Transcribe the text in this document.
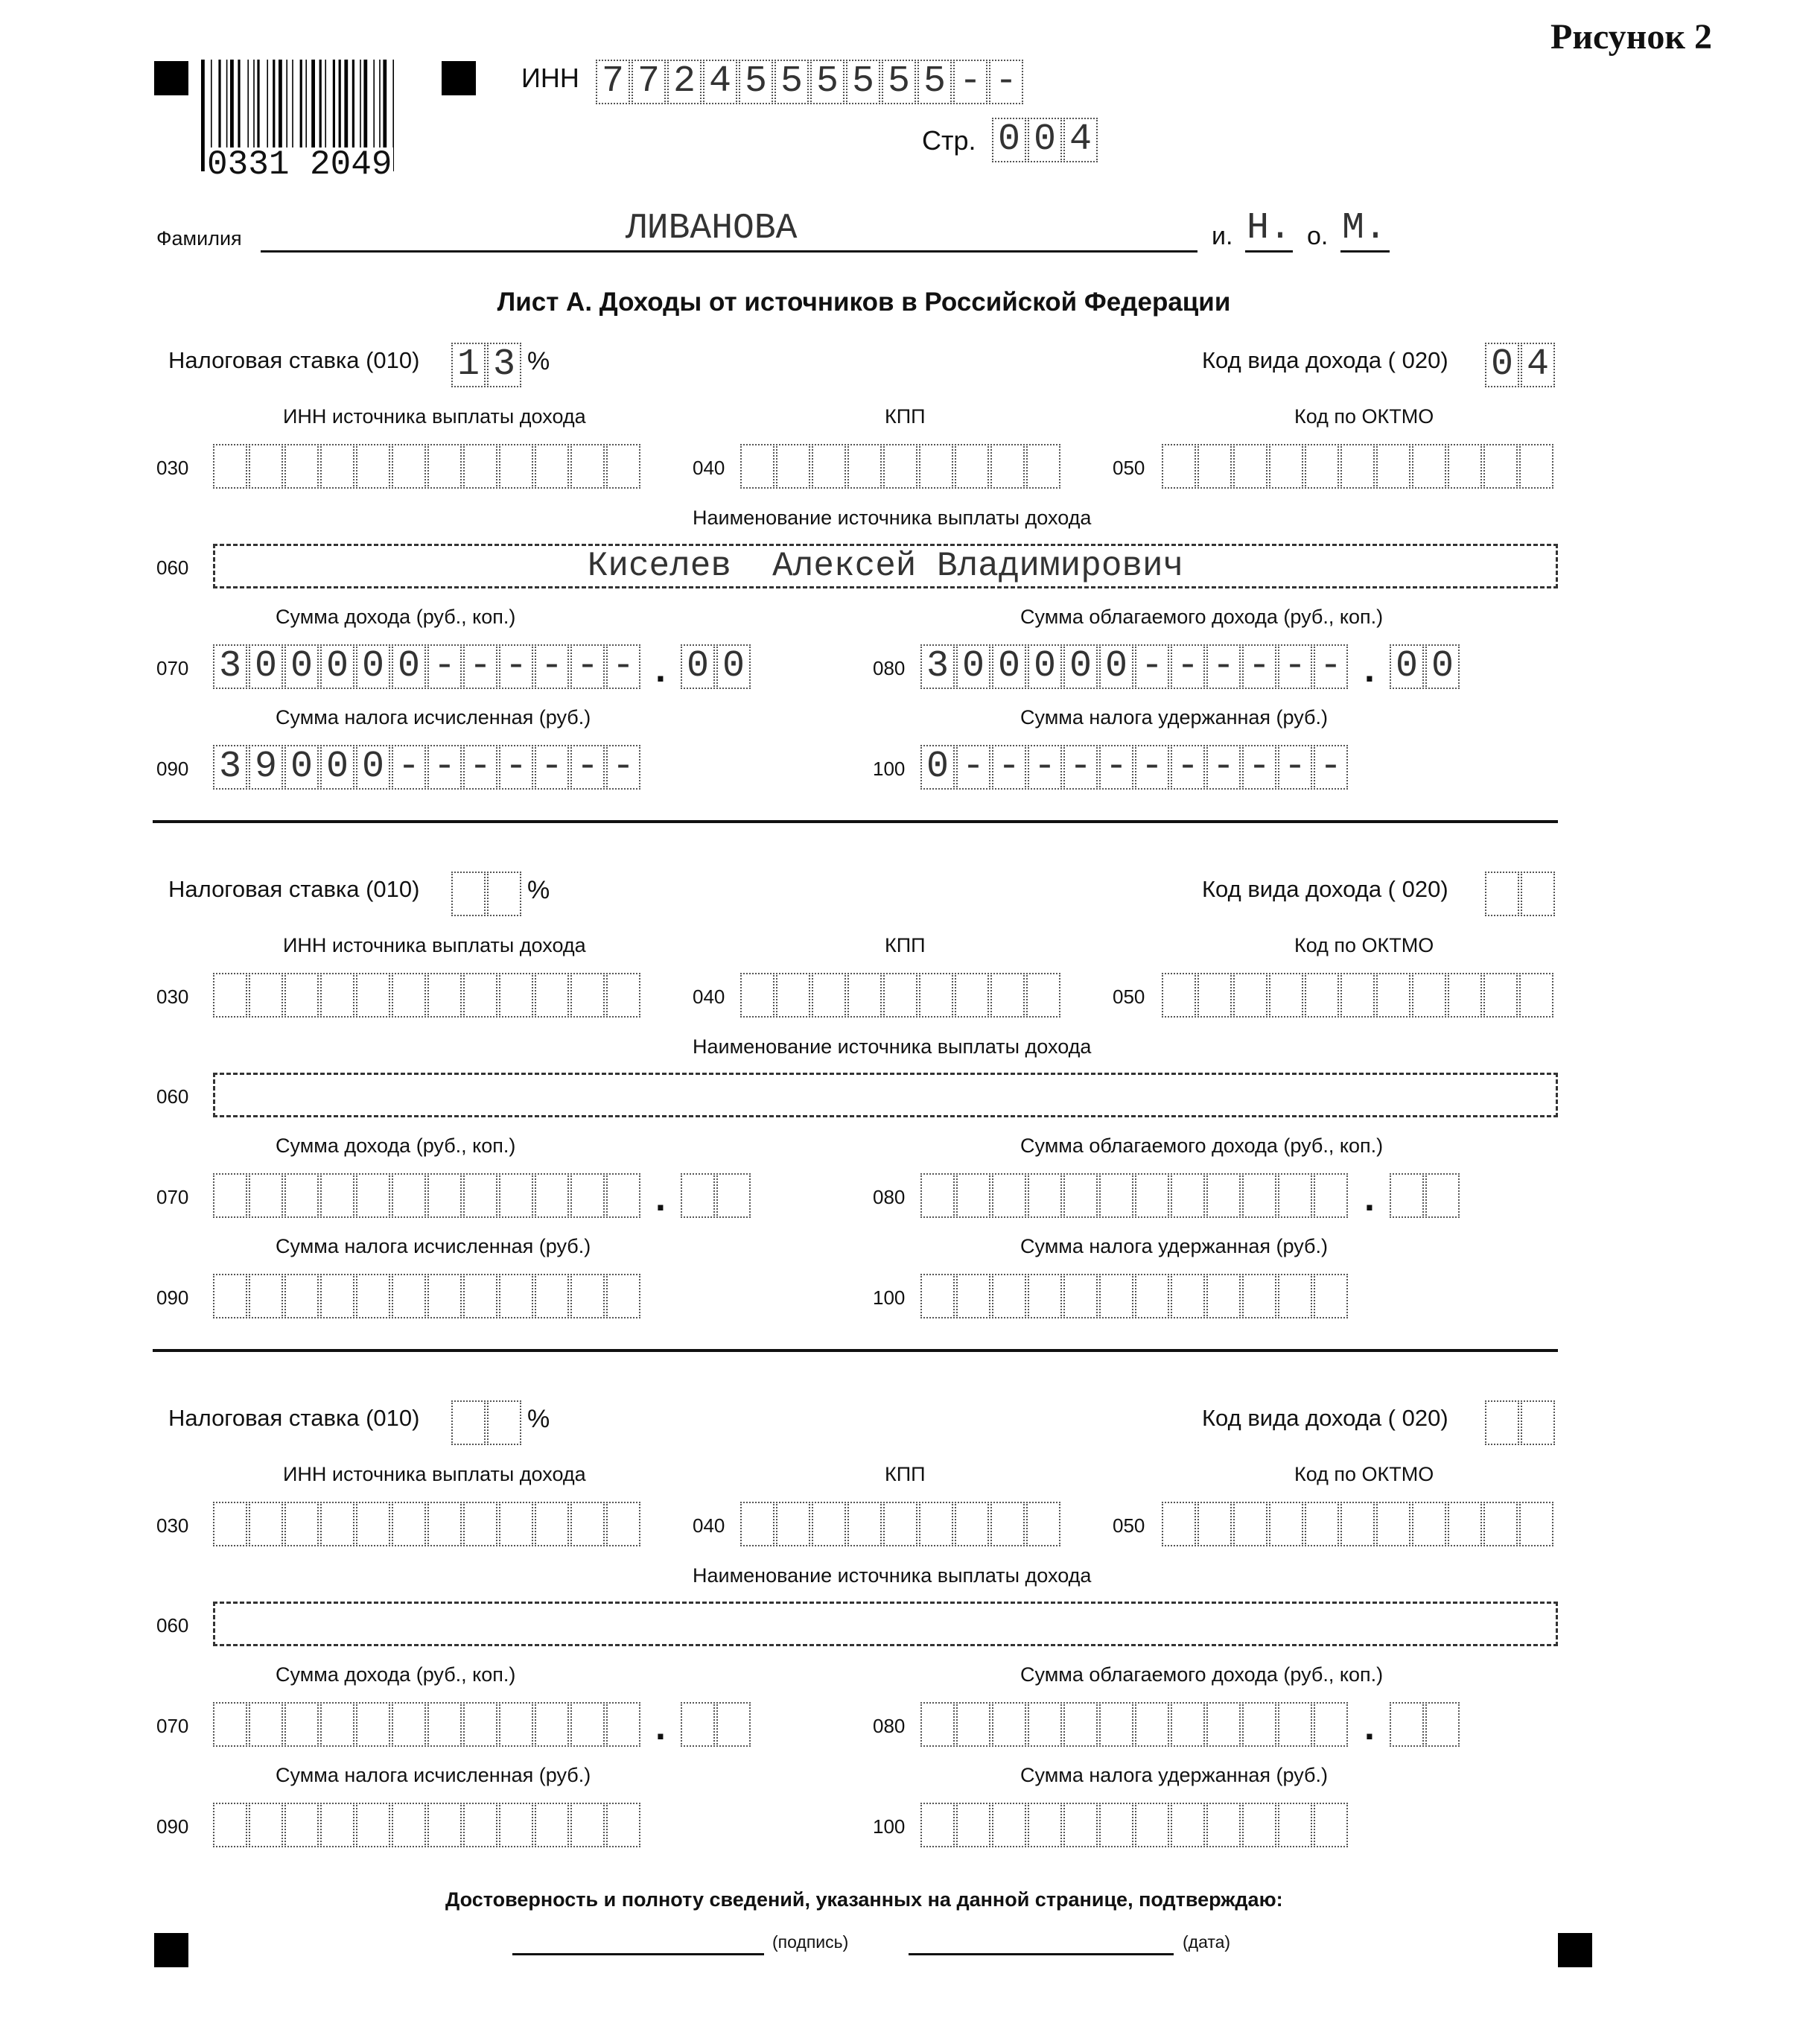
Рисунок 2
0331 2049
ИНН 7 7 2 4 5 5 5 5 5 5 - -
Стр. 0 0 4
Фамилия	ЛИВАНОВА	и. Н. о. М.
Лист А. Доходы от источников в Российской Федерации
Налоговая ставка (010) 1 3 %	Код вида дохода ( 020) 0 4
ИНН источника выплаты дохода	КПП	Код по ОКТМО
030	040	050
Наименование источника выплаты дохода
060	Киселев  Алексей Владимирович
Сумма дохода (руб., коп.)	Сумма облагаемого дохода (руб., коп.)
070 3 0 0 0 0 0 - - - - - - . 0 0	080 3 0 0 0 0 0 - - - - - - . 0 0
Сумма налога исчисленная (руб.)	Сумма налога удержанная (руб.)
090 3 9 0 0 0 - - - - - - -	100 0 - - - - - - - - - - -
Налоговая ставка (010)	%	Код вида дохода ( 020)
ИНН источника выплаты дохода	КПП	Код по ОКТМО
030	040	050
Наименование источника выплаты дохода
060
Сумма дохода (руб., коп.)	Сумма облагаемого дохода (руб., коп.)
070	.	080	.
Сумма налога исчисленная (руб.)	Сумма налога удержанная (руб.)
090	100
Налоговая ставка (010)	%	Код вида дохода ( 020)
ИНН источника выплаты дохода	КПП	Код по ОКТМО
030	040	050
Наименование источника выплаты дохода
060
Сумма дохода (руб., коп.)	Сумма облагаемого дохода (руб., коп.)
070	.	080	.
Сумма налога исчисленная (руб.)	Сумма налога удержанная (руб.)
090	100
Достоверность и полноту сведений, указанных на данной странице, подтверждаю:
(подпись)	(дата)
